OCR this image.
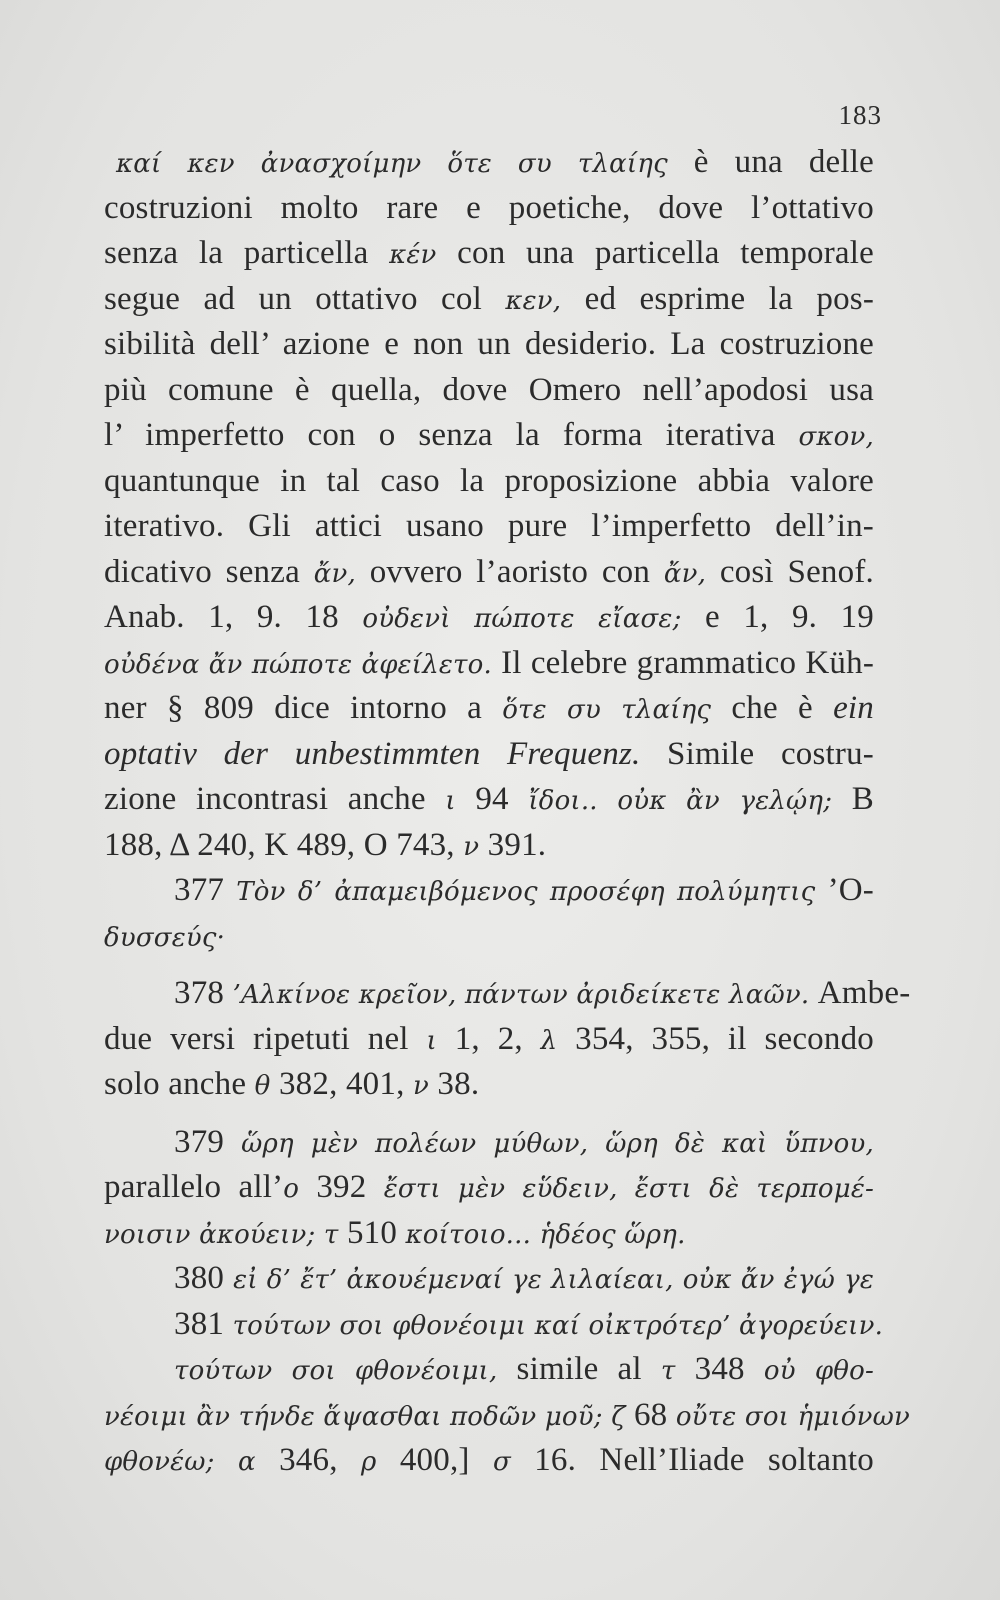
183
καί κεν ἀνασχοίμην ὅτε συ τλαίης è una delle
costruzioni molto rare e poetiche, dove l’ottativo
senza la particella κέν con una particella temporale
segue ad un ottativo col κεν, ed esprime la pos-
sibilità dell’ azione e non un desiderio. La costruzione
più comune è quella, dove Omero nell’apodosi usa
l’ imperfetto con o senza la forma iterativa σκον,
quantunque in tal caso la proposizione abbia valore
iterativo. Gli attici usano pure l’imperfetto dell’in-
dicativo senza ἄν, ovvero l’aoristo con ἄν, così Senof.
Anab. 1, 9. 18 οὐδενὶ πώποτε εἴασε; e 1, 9. 19
οὐδένα ἄν πώποτε ἀφείλετο. Il celebre grammatico Küh-
ner § 809 dice intorno a ὅτε συ τλαίης che è ein
optativ der unbestimmten Frequenz. Simile costru-
zione incontrasi anche ι 94 ἴδοι.. οὐκ ἂν γελῴη; B
188, Δ 240, K 489, O 743, ν 391.
377 Τὸν δ’ ἀπαμειβόμενος προσέφη πολύμητις ’O-
δυσσεύς·
378 ’Αλκίνοε κρεῖον, πάντων ἀριδείκετε λαῶν. Ambe-
due versi ripetuti nel ι 1, 2, λ 354, 355, il secondo
solo anche θ 382, 401, ν 38.
379 ὥρη μὲν πολέων μύθων, ὥρη δὲ καὶ ὕπνου,
parallelo all’ο 392 ἔστι μὲν εὕδειν, ἔστι δὲ τερπομέ-
νοισιν ἀκούειν; τ 510 κοίτοιο... ἡδέος ὥρη.
380 εἰ δ’ ἔτ’ ἀκουέμεναί γε λιλαίεαι, οὐκ ἄν ἐγώ γε
381 τούτων σοι φθονέοιμι καί οἰκτρότερ’ ἀγορεύειν.
τούτων σοι φθονέοιμι, simile al τ 348 οὐ φθο-
νέοιμι ἂν τήνδε ἅψασθαι ποδῶν μοῦ; ζ 68 οὔτε σοι ἡμιόνων
φθονέω; α 346, ρ 400,] σ 16. Nell’Iliade soltanto
